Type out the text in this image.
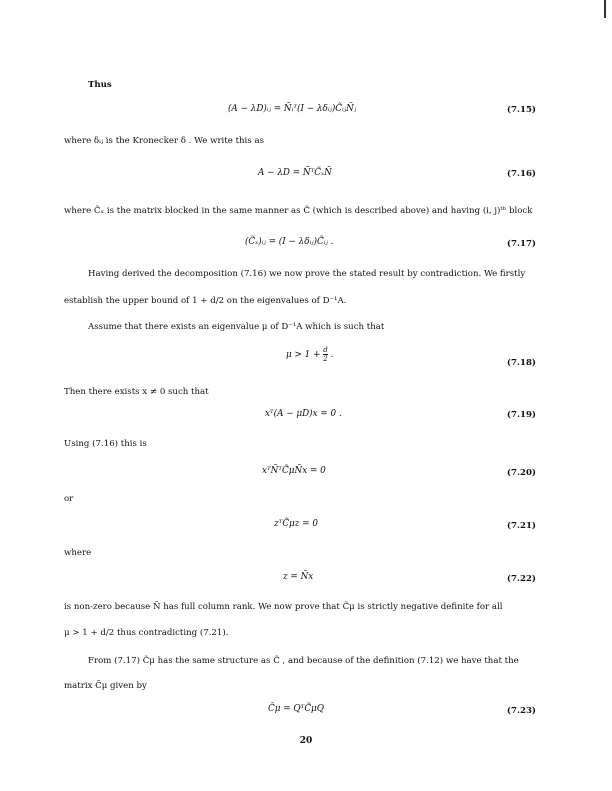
Thus
(A − λD)ᵢⱼ = Ñᵢᵀ(I − λδᵢⱼ)C̃ᵢⱼÑⱼ	(7.15)
where δᵢⱼ is the Kronecker δ . We write this as
A − λD = ÑᵀC̃ₓÑ	(7.16)
where C̃ₓ is the matrix blocked in the same manner as C̃ (which is described above) and having (i, j)ᵗʰ block
(C̃ₓ)ᵢⱼ = (I − λδᵢⱼ)C̃ᵢⱼ .	(7.17)
Having derived the decomposition (7.16) we now prove the stated result by contradiction. We firstly
establish the upper bound of 1 + d/2 on the eigenvalues of D⁻¹A.
Assume that there exists an eigenvalue μ of D⁻¹A which is such that
$\mu > 1 + \frac{d}{2}$ .
(7.18)
Then there exists x ≠ 0 such that
xᵀ(A − μD)x = 0 .	(7.19)
Using (7.16) this is
xᵀÑᵀC̃μÑx = 0	(7.20)
or
zᵀC̃μz = 0	(7.21)
where
z = Ñx	(7.22)
is non-zero because Ñ has full column rank. We now prove that C̃μ is strictly negative definite for all
μ > 1 + d/2 thus contradicting (7.21).
From (7.17) C̃μ has the same structure as C̃ , and because of the definition (7.12) we have that the
matrix C̄μ given by
C̄μ = QᵀC̃μQ	(7.23)
20
